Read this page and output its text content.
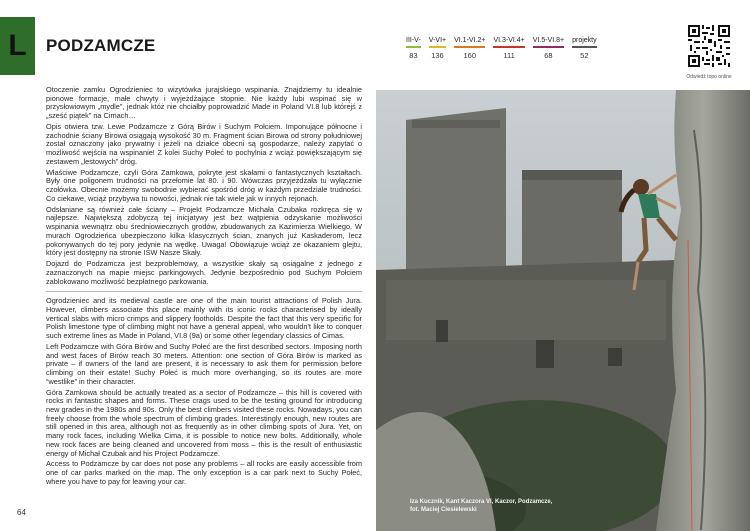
L PODZAMCZE	III-V-
83
V-VI+
136
VI.1-VI.2+
160
VI.3-VI.4+
111
VI.5-VI.8+
68
projekty
52
Odwiedź topo online

Otoczenie zamku Ogrodzieniec to wizytówka jurajskiego wspinania. Znajdziemy tu idealnie pionowe formacje, małe chwyty i wyjeżdżające stopnie. Nie każdy lubi wspinać się w przysłowiowym „mydle”, jednak któż nie chciałby poprowadzić Made in Poland VI.8 lub którejś z „sześć piątek” na Cimach…

Opis otwiera tzw. Lewe Podzamcze z Górą Birów i Suchym Połciem. Imponujące północne i zachodnie ściany Birowa osiągają wysokość 30 m. Fragment ścian Birowa od strony południowej został oznaczony jako prywatny i jeżeli na działce obecni są gospodarze, należy zapytać o możliwość wejścia na wspinanie! Z kolei Suchy Połeć to pochylnia z wciąż powiększającym się zestawem „lestowych” dróg.

Właściwe Podzamcze, czyli Góra Zamkowa, pokryte jest skałami o fantastycznych kształtach. Były one poligonem trudności na przełomie lat 80. i 90. Wówczas przyjeżdżała tu wyłącznie czołówka. Obecnie możemy swobodnie wybierać spośród dróg w każdym przedziale trudności. Co ciekawe, wciąż przybywa tu nowości, jednak nie tak wiele jak w innych rejonach.

Odsłaniane są również całe ściany – Projekt Podzamcze Michała Czubaka rozkręca się w najlepsze. Największą zdobyczą tej inicjatywy jest bez wątpienia odzyskanie możliwości wspinania wewnątrz obu średniowiecznych grodów, zbudowanych za Kazimierza Wielkiego. W murach Ogrodzieńca ubezpieczono kilka klasycznych ścian, znanych już Kaskaderom, lecz pokonywanych do tej pory jedynie na wędkę. Uwaga! Obowiązuje wciąż ze okazaniem glejtu, który jest dostępny na stronie IŚW Nasze Skały.

Dojazd do Podzamcza jest bezproblemowy, a wszystkie skały są osiągalne z jednego z zaznaczonych na mapie miejsc parkingowych. Jedynie bezpośrednio pod Suchym Połciem zablokowano możliwość bezpłatnego parkowania.

Ogrodzieniec and its medieval castle are one of the main tourist attractions of Polish Jura. However, climbers associate this place mainly with its iconic rocks characterised by ideally vertical slabs with micro crimps and slippery footholds. Despite the fact that this very specific for Polish limestone type of climbing might not have a general appeal, who wouldn't like to conquer such extreme lines as Made in Poland, VI.8 (9a) or some other legendary classics of Cimas.

Left Podzamcze with Góra Birów and Suchy Połeć are the first described sectors. Imposing north and west faces of Birów reach 30 meters. Attention: one section of Góra Birów is marked as private – if owners of the land are present, it is necessary to ask them for permission before climbing on their estate! Suchy Połeć is much more overhanging, so its routes are more “westlike” in their character.

Góra Zamkowa should be actually treated as a sector of Podzamcze – this hill is covered with rocks in fantastic shapes and forms. These crags used to be the testing ground for introducing new grades in the 1980s and 90s. Only the best climbers visited these rocks. Nowadays, you can freely choose from the whole spectrum of climbing grades. Interestingly enough, new routes are still opened in this area, although not as frequently as in other climbing spots of Jura. Yet, on many rock faces, including Wielka Cima, it is possible to notice new bolts. Additionally, whole new rock faces are being cleaned and uncovered from moss – this is the result of enthusiastic energy of Michał Czubak and his Project Podzamcze.

Access to Podzamcze by car does not pose any problems – all rocks are easily accessible from one of car parks marked on the map. The only exception is a car park next to Suchy Połeć, where you have to pay for leaving your car.

Iza Kucznik, Kant Kaczora VI, Kaczor, Podzamcze,
fot. Maciej Ciesielewski
64
